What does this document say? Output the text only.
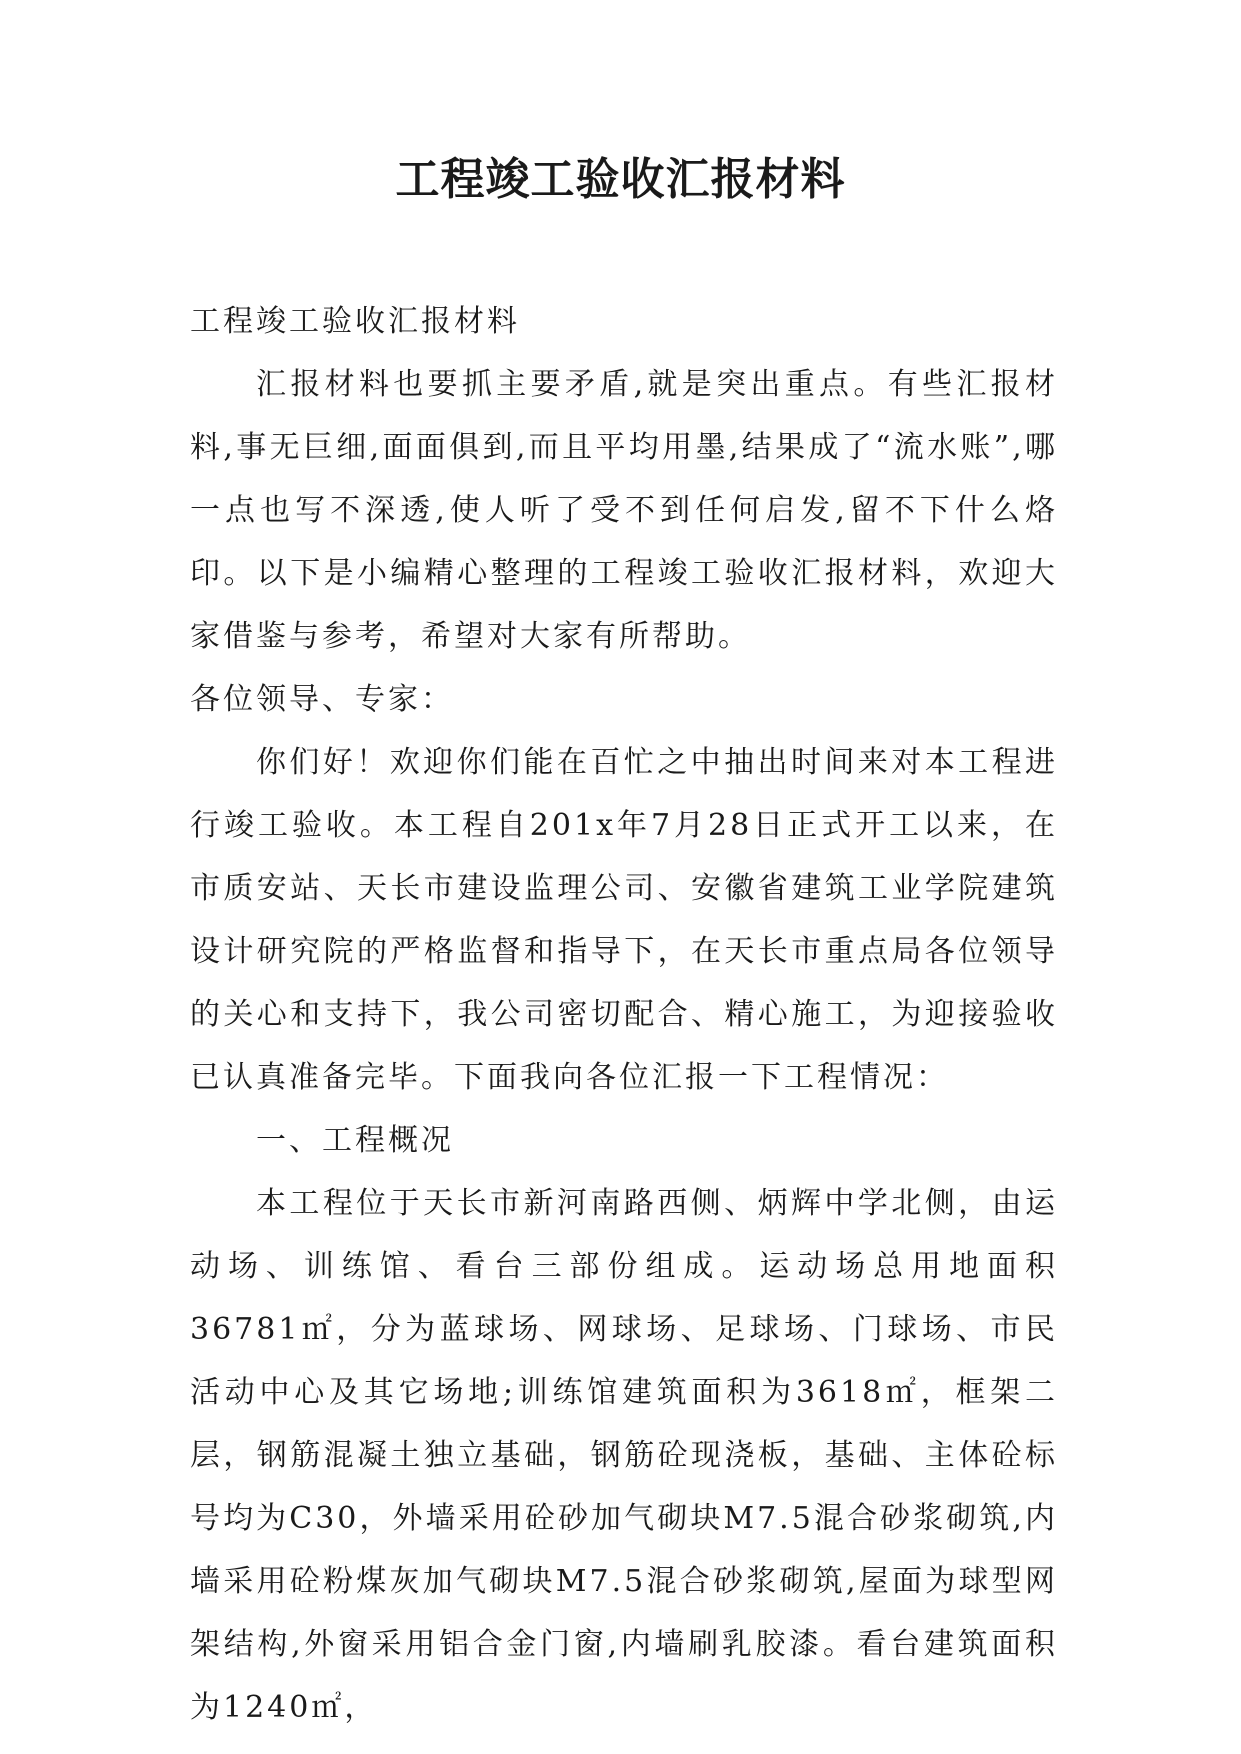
工程竣工验收汇报材料

工程竣工验收汇报材料

汇报材料也要抓主要矛盾,就是突出重点。有些汇报材料,事无巨细,面面俱到,而且平均用墨,结果成了“流水账”,哪一点也写不深透,使人听了受不到任何启发,留不下什么烙印。以下是小编精心整理的工程竣工验收汇报材料，欢迎大家借鉴与参考，希望对大家有所帮助。

各位领导、专家：

你们好！欢迎你们能在百忙之中抽出时间来对本工程进行竣工验收。本工程自201x年7月28日正式开工以来，在市质安站、天长市建设监理公司、安徽省建筑工业学院建筑设计研究院的严格监督和指导下，在天长市重点局各位领导的关心和支持下，我公司密切配合、精心施工，为迎接验收已认真准备完毕。下面我向各位汇报一下工程情况：

一、工程概况

本工程位于天长市新河南路西侧、炳辉中学北侧，由运动场、训练馆、看台三部份组成。运动场总用地面积36781㎡，分为蓝球场、网球场、足球场、门球场、市民活动中心及其它场地;训练馆建筑面积为3618㎡，框架二层，钢筋混凝土独立基础，钢筋砼现浇板，基础、主体砼标号均为C30，外墙采用砼砂加气砌块M7.5混合砂浆砌筑,内墙采用砼粉煤灰加气砌块M7.5混合砂浆砌筑,屋面为球型网架结构,外窗采用铝合金门窗,内墙刷乳胶漆。看台建筑面积为1240㎡，
